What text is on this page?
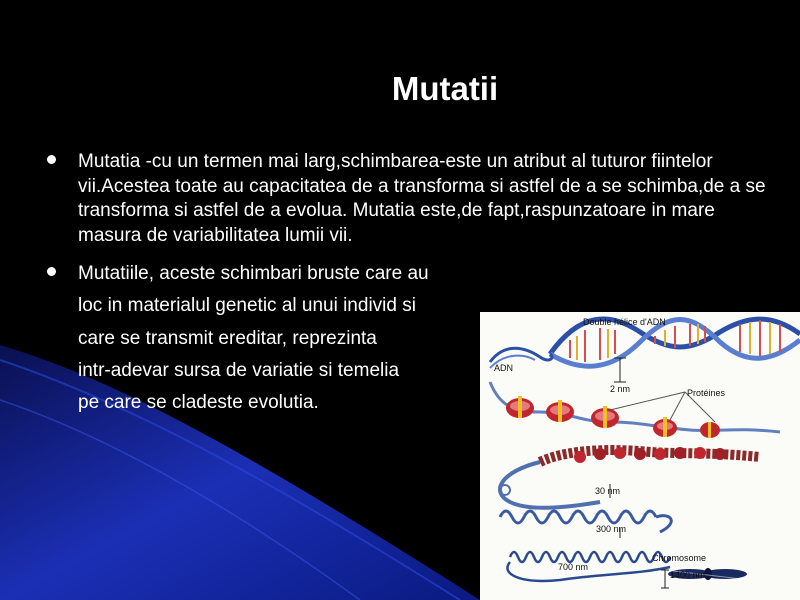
Mutatii
Mutatia -cu un termen mai larg,schimbarea-este un atribut al tuturor fiintelor vii.Acestea toate au capacitatea de a transforma si astfel de a se schimba,de a se transforma si astfel de a evolua. Mutatia este,de fapt,raspunzatoare in mare masura de variabilitatea lumii vii.
Mutatiile, aceste schimbari bruste care au
loc in materialul genetic al unui individ si
care se transmit ereditar, reprezinta
intr-adevar sursa de variatie si temelia
pe care se cladeste evolutia.
Double hélice d'ADN
ADN
2 nm	Protéines
30 nm
300 nm
Chromosome
700 nm
1400 nm
